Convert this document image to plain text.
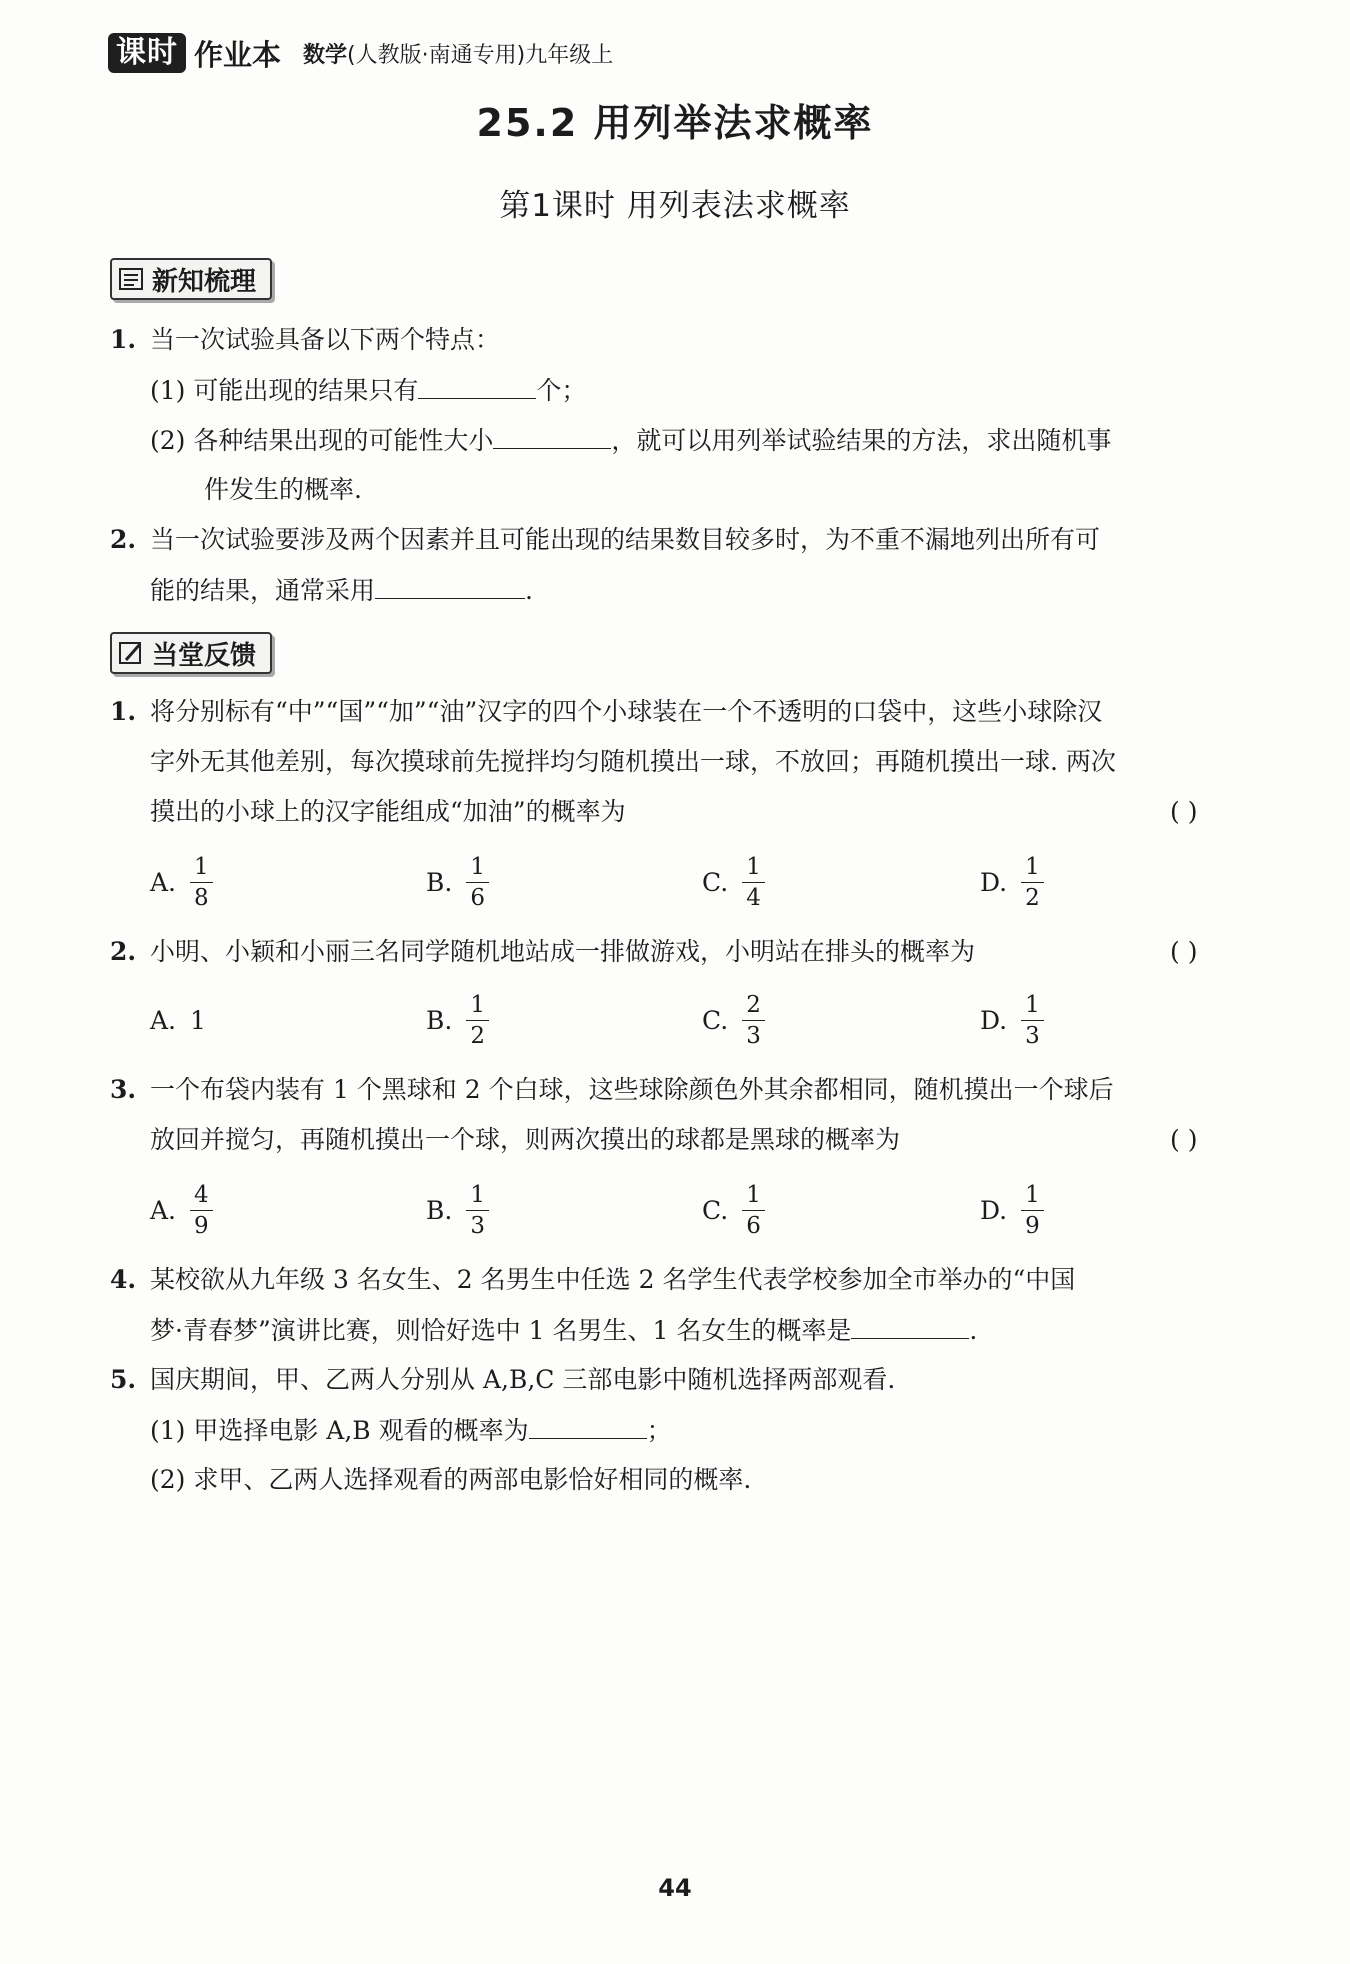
课时 作业本 数学(人教版·南通专用)九年级上
25.2 用列举法求概率
第1课时 用列表法求概率
新知梳理
1. 当一次试验具备以下两个特点：
(1) 可能出现的结果只有	个；
(2) 各种结果出现的可能性大小	，就可以用列举试验结果的方法，求出随机事
件发生的概率.
2. 当一次试验要涉及两个因素并且可能出现的结果数目较多时，为不重不漏地列出所有可
能的结果，通常采用	.
当堂反馈
1. 将分别标有“中”“国”“加”“油”汉字的四个小球装在一个不透明的口袋中，这些小球除汉
字外无其他差别，每次摸球前先搅拌均匀随机摸出一球，不放回；再随机摸出一球. 两次
摸出的小球上的汉字能组成“加油”的概率为	( )
A. $\frac{1}{8}$	B. $\frac{1}{6}$	C. $\frac{1}{4}$	D. $\frac{1}{2}$
2. 小明、小颖和小丽三名同学随机地站成一排做游戏，小明站在排头的概率为	( )
A. 1	B. $\frac{1}{2}$	C. $\frac{2}{3}$	D. $\frac{1}{3}$
3. 一个布袋内装有 1 个黑球和 2 个白球，这些球除颜色外其余都相同，随机摸出一个球后
放回并搅匀，再随机摸出一个球，则两次摸出的球都是黑球的概率为	( )
A. $\frac{4}{9}$	B. $\frac{1}{3}$	C. $\frac{1}{6}$	D. $\frac{1}{9}$
4. 某校欲从九年级 3 名女生、2 名男生中任选 2 名学生代表学校参加全市举办的“中国
梦·青春梦”演讲比赛，则恰好选中 1 名男生、1 名女生的概率是	.
5. 国庆期间，甲、乙两人分别从 A,B,C 三部电影中随机选择两部观看.
(1) 甲选择电影 A,B 观看的概率为	；
(2) 求甲、乙两人选择观看的两部电影恰好相同的概率.
44
